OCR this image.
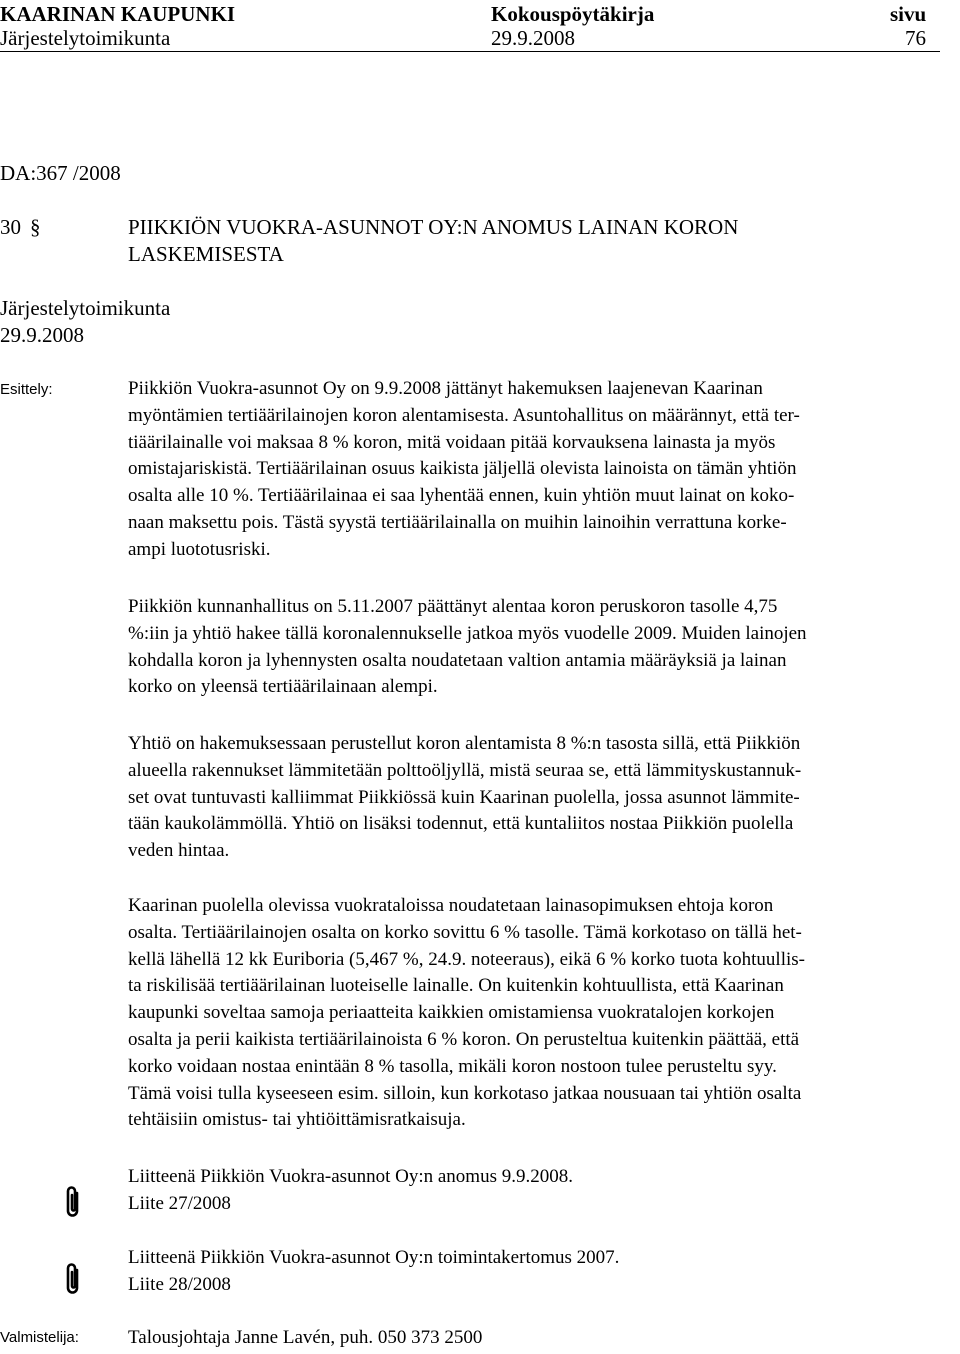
KAARINAN KAUPUNKI	Kokouspöytäkirja	sivu
Järjestelytoimikunta	29.9.2008	76
DA:367 /2008
30 §	PIIKKIÖN VUOKRA-ASUNNOT OY:N ANOMUS LAINAN KORON
LASKEMISESTA
Järjestelytoimikunta
29.9.2008
Esittely:	Piikkiön Vuokra-asunnot Oy on 9.9.2008 jättänyt hakemuksen laajenevan Kaarinan
myöntämien tertiäärilainojen koron alentamisesta. Asuntohallitus on määrännyt, että ter-
tiäärilainalle voi maksaa 8 % koron, mitä voidaan pitää korvauksena lainasta ja myös
omistajariskistä. Tertiäärilainan osuus kaikista jäljellä olevista lainoista on tämän yhtiön
osalta alle 10 %. Tertiäärilainaa ei saa lyhentää ennen, kuin yhtiön muut lainat on koko-
naan maksettu pois. Tästä syystä tertiäärilainalla on muihin lainoihin verrattuna korke-
ampi luototusriski.
Piikkiön kunnanhallitus on 5.11.2007 päättänyt alentaa koron peruskoron tasolle 4,75
%:iin ja yhtiö hakee tällä koronalennukselle jatkoa myös vuodelle 2009. Muiden lainojen
kohdalla koron ja lyhennysten osalta noudatetaan valtion antamia määräyksiä ja lainan
korko on yleensä tertiäärilainaan alempi.
Yhtiö on hakemuksessaan perustellut koron alentamista 8 %:n tasosta sillä, että Piikkiön
alueella rakennukset lämmitetään polttoöljyllä, mistä seuraa se, että lämmityskustannuk-
set ovat tuntuvasti kalliimmat Piikkiössä kuin Kaarinan puolella, jossa asunnot lämmite-
tään kaukolämmöllä. Yhtiö on lisäksi todennut, että kuntaliitos nostaa Piikkiön puolella
veden hintaa.
Kaarinan puolella olevissa vuokrataloissa noudatetaan lainasopimuksen ehtoja koron
osalta. Tertiäärilainojen osalta on korko sovittu 6 % tasolle. Tämä korkotaso on tällä het-
kellä lähellä 12 kk Euriboria (5,467 %, 24.9. noteeraus), eikä 6 % korko tuota kohtuullis-
ta riskilisää tertiäärilainan luoteiselle lainalle. On kuitenkin kohtuullista, että Kaarinan
kaupunki soveltaa samoja periaatteita kaikkien omistamiensa vuokratalojen korkojen
osalta ja perii kaikista tertiäärilainoista 6 % koron. On perusteltua kuitenkin päättää, että
korko voidaan nostaa enintään 8 % tasolla, mikäli koron nostoon tulee perusteltu syy.
Tämä voisi tulla kyseeseen esim. silloin, kun korkotaso jatkaa nousuaan tai yhtiön osalta
tehtäisiin omistus- tai yhtiöittämisratkaisuja.
Liitteenä Piikkiön Vuokra-asunnot Oy:n anomus 9.9.2008.
Liite 27/2008
Liitteenä Piikkiön Vuokra-asunnot Oy:n toimintakertomus 2007.
Liite 28/2008
Valmistelija:	Talousjohtaja Janne Lavén, puh. 050 373 2500
